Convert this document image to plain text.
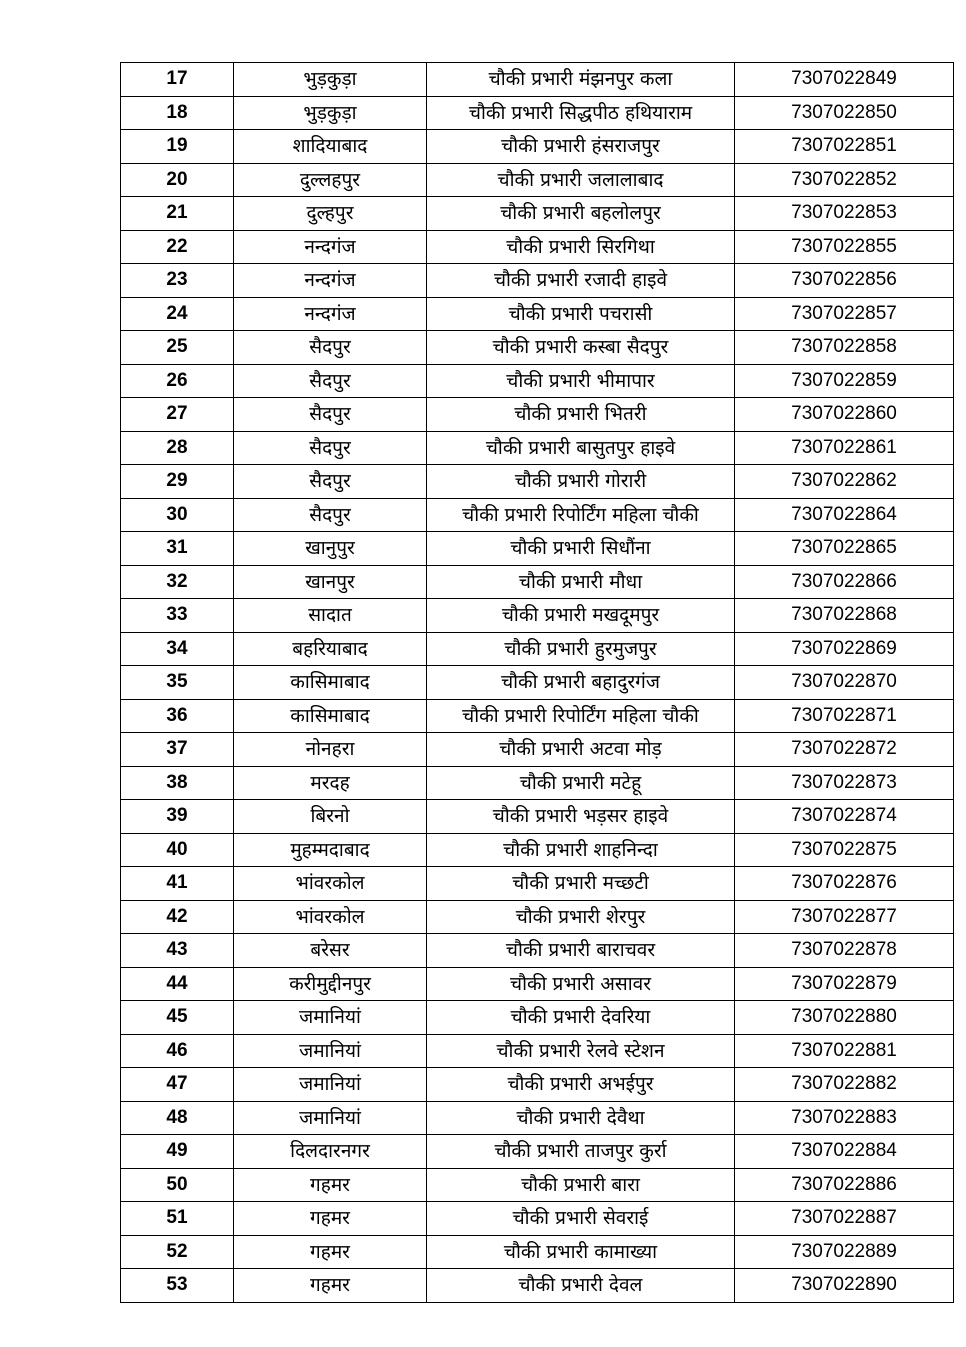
17	भुड़कुड़ा	चौकी प्रभारी मंझनपुर कला	7307022849
18	भुड़कुड़ा	चौकी प्रभारी सिद्धपीठ हथियाराम	7307022850
19	शादियाबाद	चौकी प्रभारी हंसराजपुर	7307022851
20	दुल्लहपुर	चौकी प्रभारी जलालाबाद	7307022852
21	दुल्हपुर	चौकी प्रभारी बहलोलपुर	7307022853
22	नन्दगंज	चौकी प्रभारी सिरगिथा	7307022855
23	नन्दगंज	चौकी प्रभारी रजादी हाइवे	7307022856
24	नन्दगंज	चौकी प्रभारी पचरासी	7307022857
25	सैदपुर	चौकी प्रभारी कस्बा सैदपुर	7307022858
26	सैदपुर	चौकी प्रभारी भीमापार	7307022859
27	सैदपुर	चौकी प्रभारी भितरी	7307022860
28	सैदपुर	चौकी प्रभारी बासुतपुर हाइवे	7307022861
29	सैदपुर	चौकी प्रभारी गोरारी	7307022862
30	सैदपुर	चौकी प्रभारी रिपोर्टिंग महिला चौकी	7307022864
31	खानुपुर	चौकी प्रभारी सिधौंना	7307022865
32	खानपुर	चौकी प्रभारी मौधा	7307022866
33	सादात	चौकी प्रभारी मखदूमपुर	7307022868
34	बहरियाबाद	चौकी प्रभारी हुरमुजपुर	7307022869
35	कासिमाबाद	चौकी प्रभारी बहादुरगंज	7307022870
36	कासिमाबाद	चौकी प्रभारी रिपोर्टिंग महिला चौकी	7307022871
37	नोनहरा	चौकी प्रभारी अटवा मोड़	7307022872
38	मरदह	चौकी प्रभारी मटेहू	7307022873
39	बिरनो	चौकी प्रभारी भड़सर हाइवे	7307022874
40	मुहम्मदाबाद	चौकी प्रभारी शाहनिन्दा	7307022875
41	भांवरकोल	चौकी प्रभारी मच्छटी	7307022876
42	भांवरकोल	चौकी प्रभारी शेरपुर	7307022877
43	बरेसर	चौकी प्रभारी बाराचवर	7307022878
44	करीमुद्दीनपुर	चौकी प्रभारी असावर	7307022879
45	जमानियां	चौकी प्रभारी देवरिया	7307022880
46	जमानियां	चौकी प्रभारी रेलवे स्टेशन	7307022881
47	जमानियां	चौकी प्रभारी अभईपुर	7307022882
48	जमानियां	चौकी प्रभारी देवैथा	7307022883
49	दिलदारनगर	चौकी प्रभारी ताजपुर कुर्रा	7307022884
50	गहमर	चौकी प्रभारी बारा	7307022886
51	गहमर	चौकी प्रभारी सेवराई	7307022887
52	गहमर	चौकी प्रभारी कामाख्या	7307022889
53	गहमर	चौकी प्रभारी देवल	7307022890
